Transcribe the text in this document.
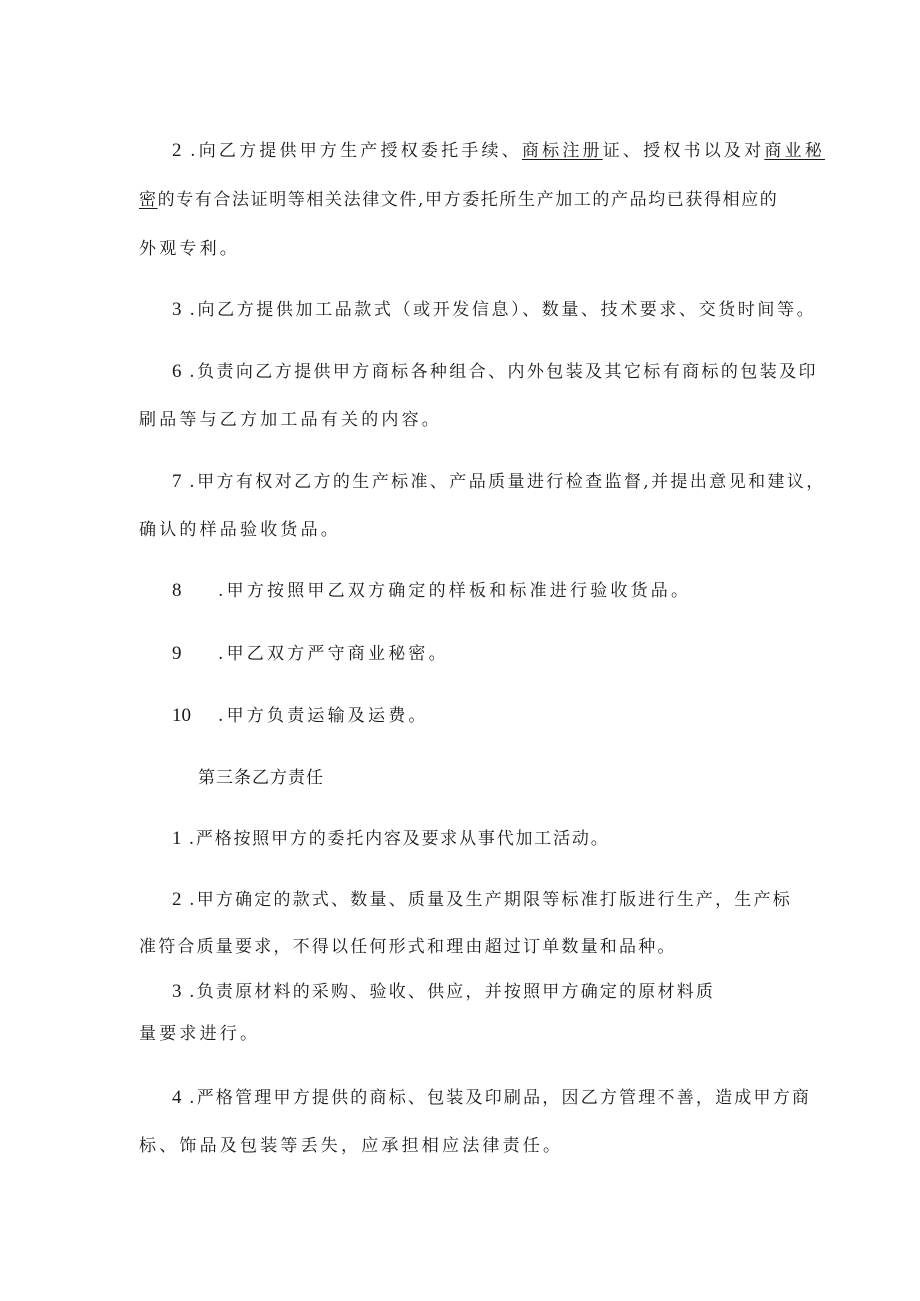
2 .向乙方提供甲方生产授权委托手续、商标注册证、授权书以及对商业秘
密的专有合法证明等相关法律文件,甲方委托所生产加工的产品均已获得相应的
外观专利。
3 .向乙方提供加工品款式（或开发信息）、数量、技术要求、交货时间等。
6 .负责向乙方提供甲方商标各种组合、内外包装及其它标有商标的包装及印
刷品等与乙方加工品有关的内容。
7 .甲方有权对乙方的生产标准、产品质量进行检查监督,并提出意见和建议，
确认的样品验收货品。
8 .甲方按照甲乙双方确定的样板和标准进行验收货品。
9 .甲乙双方严守商业秘密。
10 .甲方负责运输及运费。
第三条乙方责任
1 .严格按照甲方的委托内容及要求从事代加工活动。
2 .甲方确定的款式、数量、质量及生产期限等标准打版进行生产，生产标
准符合质量要求，不得以任何形式和理由超过订单数量和品种。
3 .负责原材料的采购、验收、供应，并按照甲方确定的原材料质
量要求进行。
4 .严格管理甲方提供的商标、包装及印刷品，因乙方管理不善，造成甲方商
标、饰品及包装等丢失，应承担相应法律责任。
